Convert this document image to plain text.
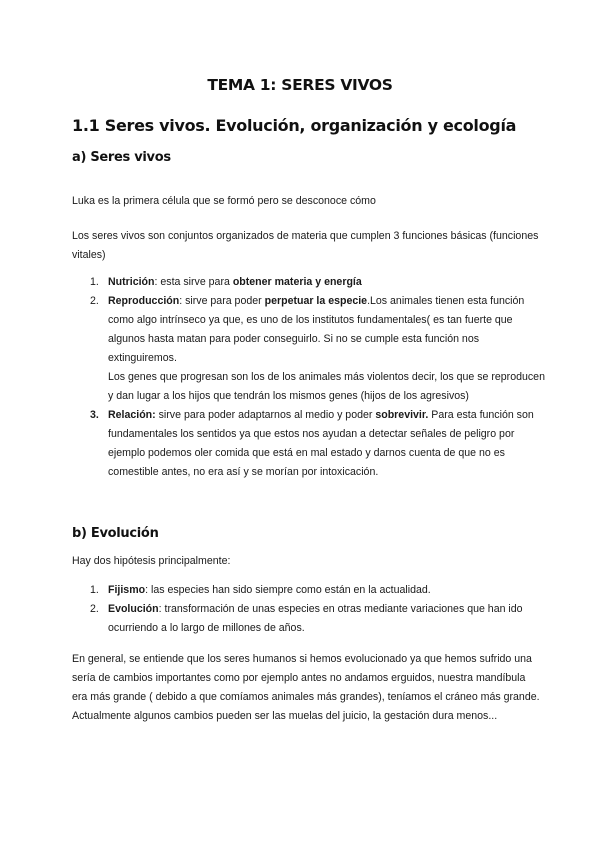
TEMA 1: SERES VIVOS
1.1 Seres vivos. Evolución, organización y ecología
a) Seres vivos

Luka es la primera célula que se formó pero se desconoce cómo

Los seres vivos son conjuntos organizados de materia que cumplen 3 funciones básicas (funciones vitales)

1. Nutrición: esta sirve para obtener materia y energía
2. Reproducción: sirve para poder perpetuar la especie.Los animales tienen esta función como algo intrínseco ya que, es uno de los institutos fundamentales( es tan fuerte que algunos hasta matan para poder conseguirlo. Si no se cumple esta función nos extinguiremos.
Los genes que progresan son los de los animales más violentos decir, los que se reproducen y dan lugar a los hijos que tendrán los mismos genes (hijos de los agresivos)
3. Relación: sirve para poder adaptarnos al medio y poder sobrevivir. Para esta función son fundamentales los sentidos ya que estos nos ayudan a detectar señales de peligro por ejemplo podemos oler comida que está en mal estado y darnos cuenta de que no es comestible antes, no era así y se morían por intoxicación.
b) Evolución

Hay dos hipótesis principalmente:

1. Fijismo: las especies han sido siempre como están en la actualidad.
2. Evolución: transformación de unas especies en otras mediante variaciones que han ido ocurriendo a lo largo de millones de años.

En general, se entiende que los seres humanos si hemos evolucionado ya que hemos sufrido una sería de cambios importantes como por ejemplo antes no andamos erguidos, nuestra mandíbula era más grande ( debido a que comíamos animales más grandes), teníamos el cráneo más grande. Actualmente algunos cambios pueden ser las muelas del juicio, la gestación dura menos...
